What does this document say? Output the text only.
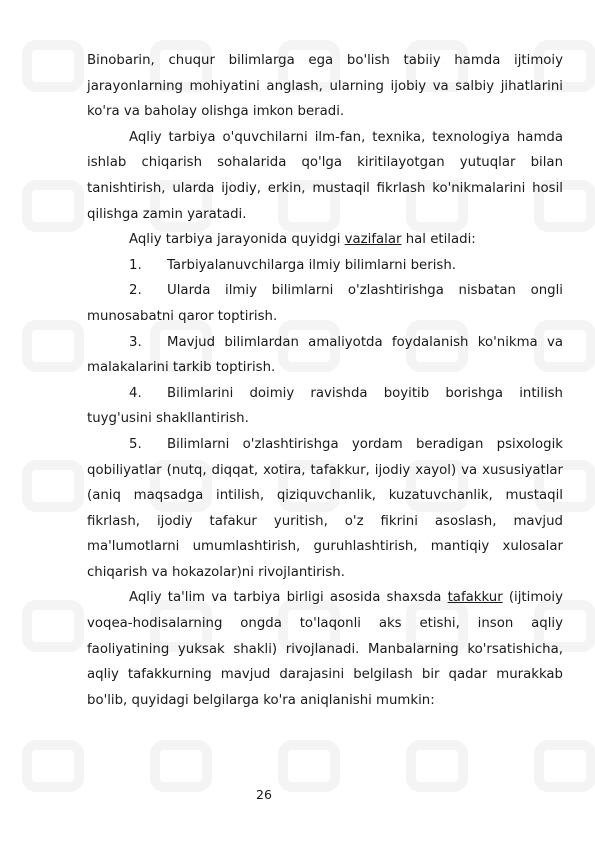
Binobarin, chuqur bilimlarga ega bo'lish tabiiy hamda ijtimoiy jarayonlarning mohiyatini anglash, ularning ijobiy va salbiy jihatlarini ko'ra va baholay olishga imkon beradi.

Aqliy tarbiya o'quvchilarni ilm-fan, texnika, texnologiya hamda ishlab chiqarish sohalarida qo'lga kiritilayotgan yutuqlar bilan tanishtirish, ularda ijodiy, erkin, mustaqil fikrlash ko'nikmalarini hosil qilishga zamin yaratadi.

Aqliy tarbiya jarayonida quyidgi vazifalar hal etiladi:

1. Tarbiyalanuvchilarga ilmiy bilimlarni berish.

2. Ularda ilmiy bilimlarni o'zlashtirishga nisbatan ongli munosabatni qaror toptirish.

3. Mavjud bilimlardan amaliyotda foydalanish ko'nikma va malakalarini tarkib toptirish.

4. Bilimlarini doimiy ravishda boyitib borishga intilish tuyg'usini shakllantirish.

5. Bilimlarni o'zlashtirishga yordam beradigan psixologik qobiliyatlar (nutq, diqqat, xotira, tafakkur, ijodiy xayol) va xususiyatlar (aniq maqsadga intilish, qiziquvchanlik, kuzatuvchanlik, mustaqil fikrlash, ijodiy tafakur yuritish, o'z fikrini asoslash, mavjud ma'lumotlarni umumlashtirish, guruhlashtirish, mantiqiy xulosalar chiqarish va hokazolar)ni rivojlantirish.

Aqliy ta'lim va tarbiya birligi asosida shaxsda tafakkur (ijtimoiy voqea-hodisalarning ongda to'laqonli aks etishi, inson aqliy faoliyatining yuksak shakli) rivojlanadi. Manbalarning ko'rsatishicha, aqliy tafakkurning mavjud darajasini belgilash bir qadar murakkab bo'lib, quyidagi belgilarga ko'ra aniqlanishi mumkin:

26
